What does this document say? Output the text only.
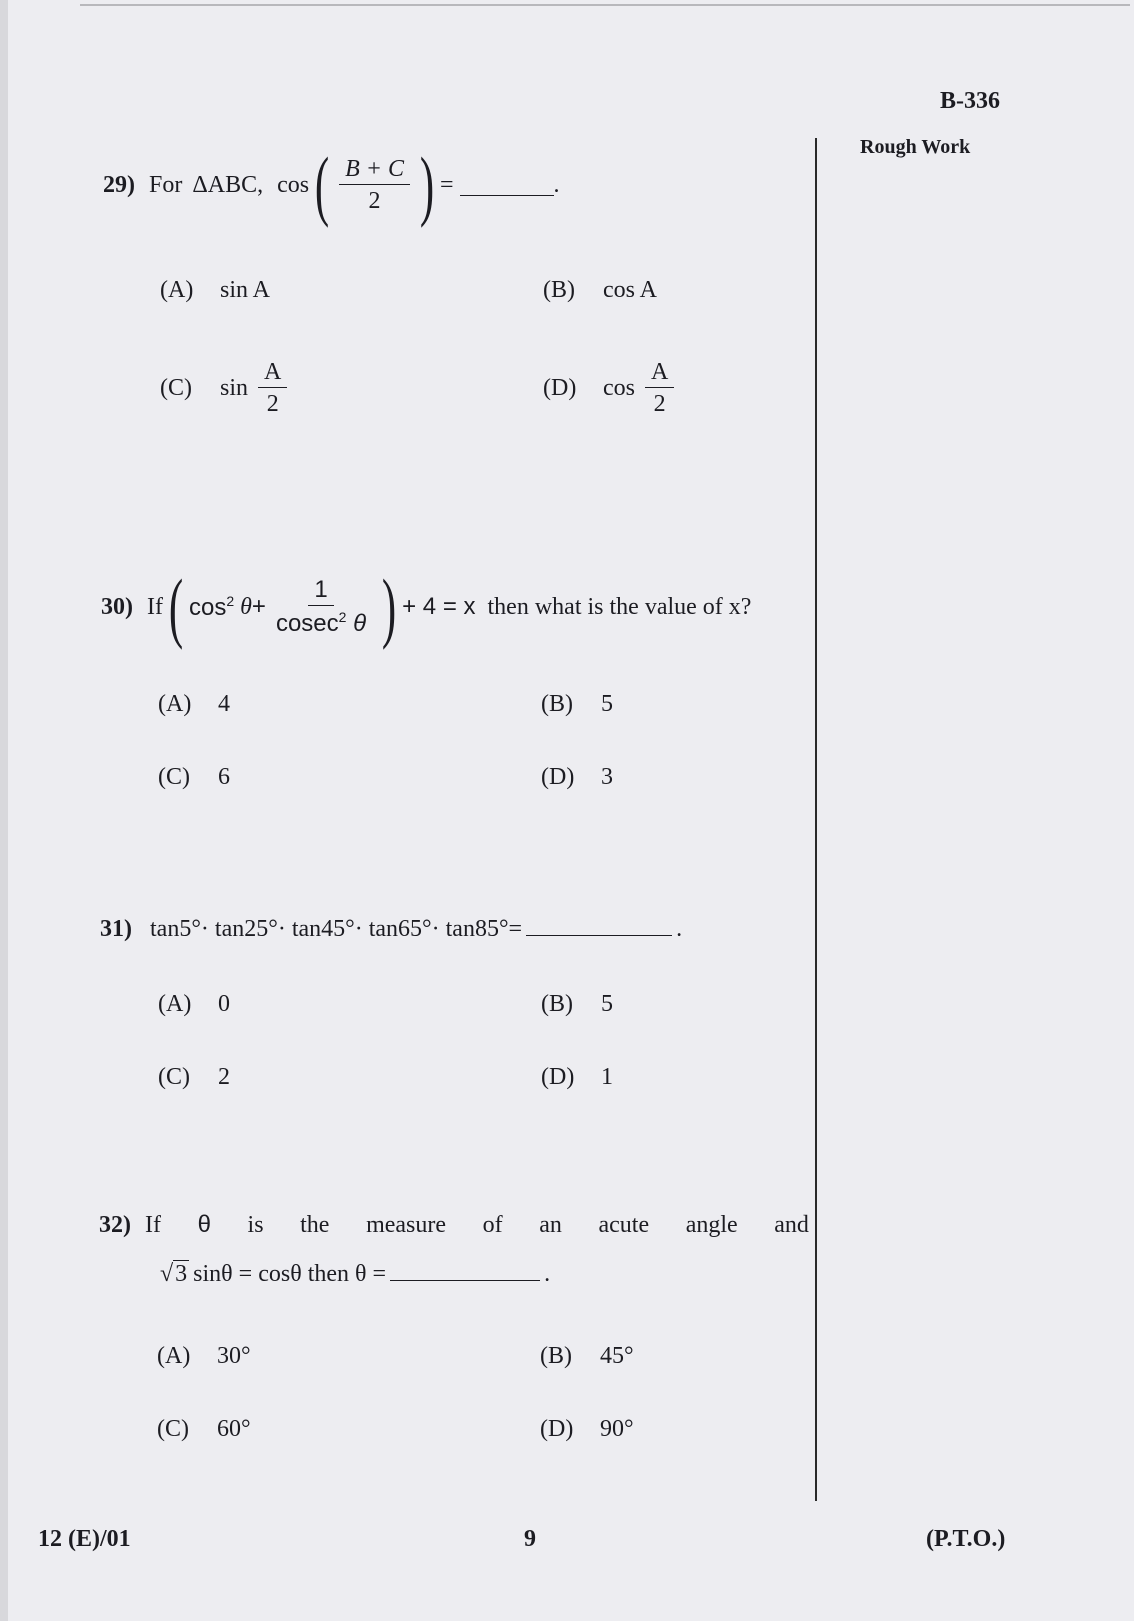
B-336
Rough Work
29) For ΔABC , cos ( $\frac{B + C}{2}$ ) =	.
(A) sin A	(B) cos A
(C)	$\sin \frac{A}{2}$	(D)	$\cos \frac{A}{2}$
30) If ( $\cos^2 \theta + \frac{1}{cosec^2 \theta}$ ) + 4 = x then what is the value of x?
(A) 4	(B) 5
(C) 6	(D) 3
31) tan5°· tan25°· tan45°· tan65°· tan85°=	.
(A) 0	(B) 5
(C) 2	(D) 1
32) If θ is the measure of an acute angle and
√3 sinθ = cosθ then θ =	.
(A) 30°	(B) 45°
(C) 60°	(D) 90°
12 (E)/01	9	(P.T.O.)
